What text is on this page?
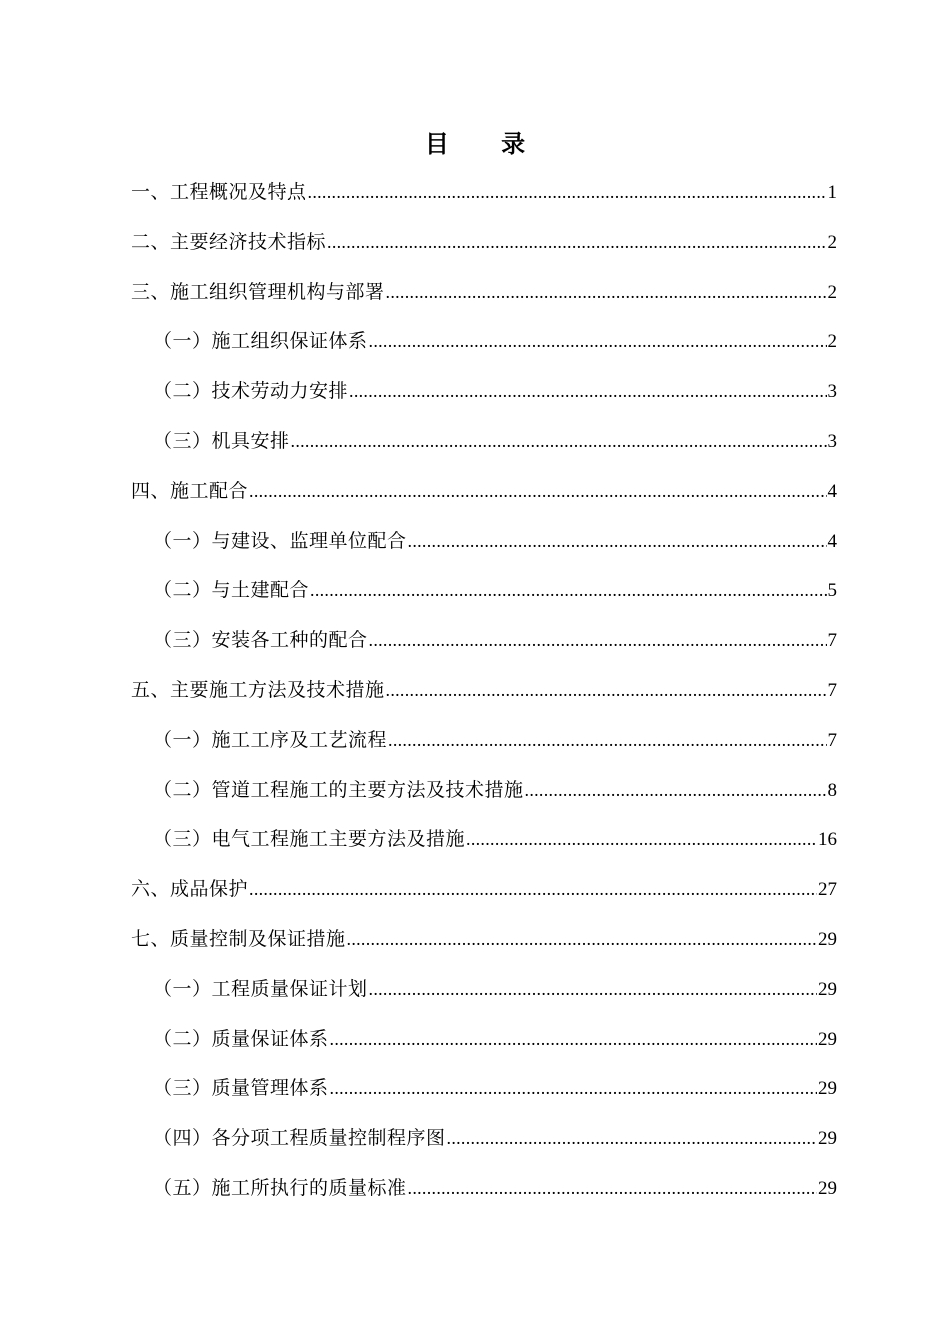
目 录
一、工程概况及特点 .....	1
二、主要经济技术指标 .....	2
三、施工组织管理机构与部署 .....	2
（一）施工组织保证体系 .....	2
（二）技术劳动力安排 .....	3
（三）机具安排 .....	3
四、施工配合 .....	4
（一）与建设、监理单位配合 .....	4
（二）与土建配合 .....	5
（三）安装各工种的配合 .....	7
五、主要施工方法及技术措施 .....	7
（一）施工工序及工艺流程 .....	7
（二）管道工程施工的主要方法及技术措施 .....	8
（三）电气工程施工主要方法及措施 .....	16
六、成品保护 .....	27
七、质量控制及保证措施 .....	29
（一）工程质量保证计划 .....	29
（二）质量保证体系 .....	29
（三）质量管理体系 .....	29
（四）各分项工程质量控制程序图 .....	29
（五）施工所执行的质量标准 .....	29
